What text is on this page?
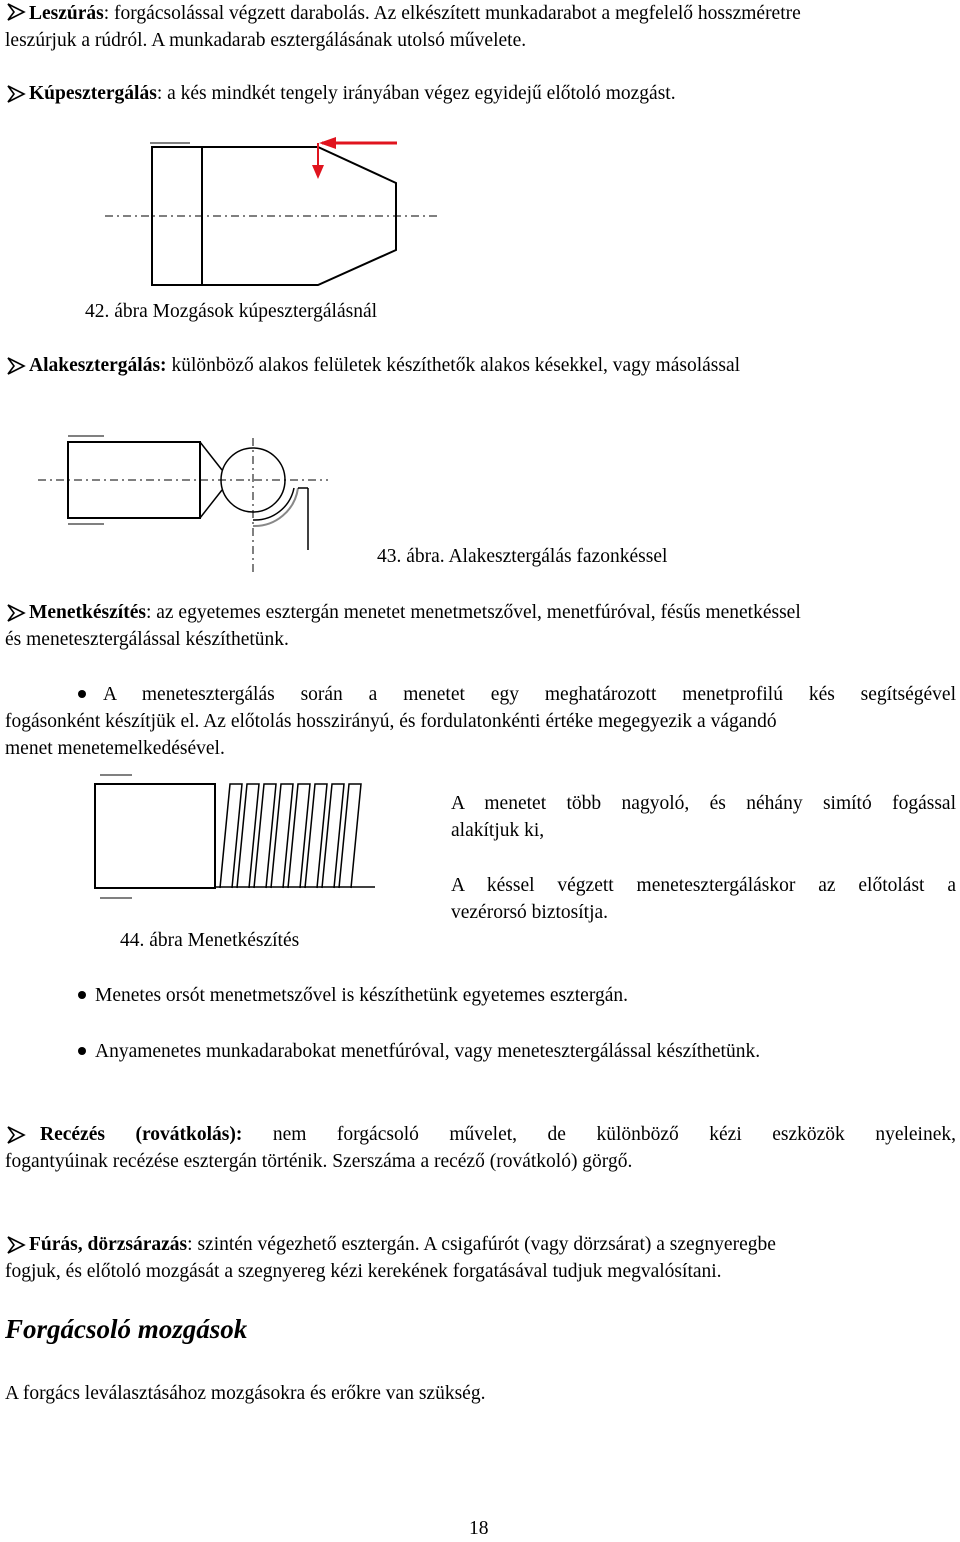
Leszúrás: forgácsolással végzett darabolás. Az elkészített munkadarabot a megfelelő hosszméretre

leszúrjuk a rúdról. A munkadarab esztergálásának utolsó művelete.

Kúpesztergálás: a kés mindkét tengely irányában végez egyidejű előtoló mozgást.

42. ábra Mozgások kúpesztergálásnál

Alakesztergálás: különböző alakos felületek készíthetők alakos késekkel, vagy másolással

43. ábra. Alakesztergálás fazonkéssel

Menetkészítés: az egyetemes esztergán menetet menetmetszővel, menetfúróval, fésűs menetkéssel

és menetesztergálással készíthetünk.

A menetesztergálás során a menetet egy meghatározott menetprofilú kés segítségével

fogásonként készítjük el. Az előtolás hosszirányú, és fordulatonkénti értéke megegyezik a vágandó

menet menetemelkedésével.

44. ábra Menetkészítés

A menetet több nagyoló, és néhány simító fogással

alakítjuk ki,

A késsel végzett menetesztergáláskor az előtolást a

vezérorsó biztosítja.

Menetes orsót menetmetszővel is készíthetünk egyetemes esztergán.

Anyamenetes munkadarabokat menetfúróval, vagy menetesztergálással készíthetünk.

Recézés (rovátkolás): nem forgácsoló művelet, de különböző kézi eszközök nyeleinek,

fogantyúinak recézése esztergán történik. Szerszáma a recéző (rovátkoló) görgő.

Fúrás, dörzsárazás: szintén végezhető esztergán. A csigafúrót (vagy dörzsárat) a szegnyeregbe

fogjuk, és előtoló mozgását a szegnyereg kézi kerekének forgatásával tudjuk megvalósítani.

Forgácsoló mozgások

A forgács leválasztásához mozgásokra és erőkre van szükség.

18
